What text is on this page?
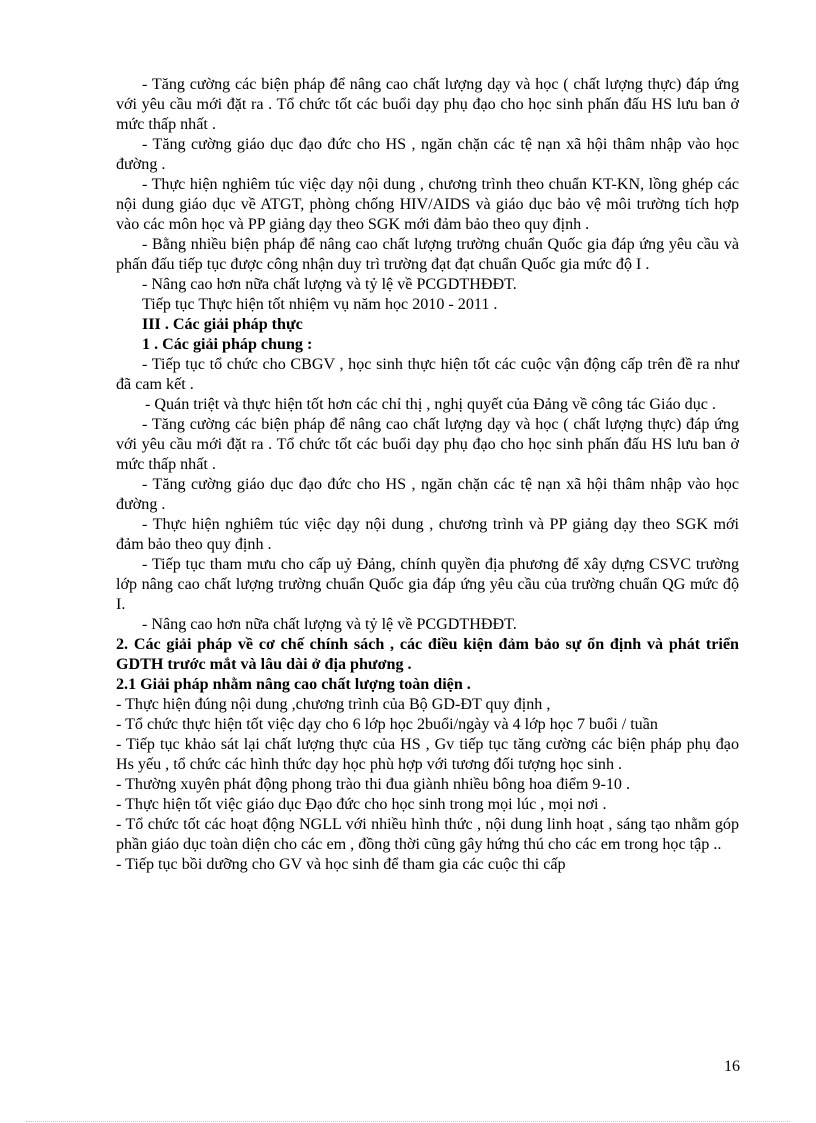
- Tăng cường các biện pháp để nâng cao chất lượng dạy và học ( chất lượng thực) đáp ứng với yêu cầu mới đặt ra . Tổ chức tốt các buổi dạy phụ đạo cho học sinh phấn đấu HS lưu ban ở mức thấp nhất .

- Tăng cường giáo dục đạo đức cho HS , ngăn chặn các tệ nạn xã hội thâm nhập vào học đường .

- Thực hiện nghiêm túc việc dạy nội dung , chương trình theo chuẩn KT-KN, lồng ghép các nội dung giáo dục về ATGT, phòng chống HIV/AIDS và giáo dục bảo vệ môi trường tích hợp vào các môn học và PP giảng dạy theo SGK mới đảm bảo theo quy định .

- Bằng nhiều biện pháp để nâng cao chất lượng trường chuẩn Quốc gia đáp ứng yêu cầu và phấn đấu tiếp tục được công nhận duy trì trường đạt đạt chuẩn Quốc gia mức độ I .

- Nâng cao hơn nữa chất lượng và tỷ lệ về PCGDTHĐĐT.

Tiếp tục Thực hiện tốt nhiệm vụ năm học 2010 - 2011 .

III . Các giải pháp thực

1 . Các giải pháp chung :

- Tiếp tục tổ chức cho CBGV , học sinh thực hiện tốt các cuộc vận động cấp trên đề ra như đã cam kết .

- Quán triệt và thực hiện tốt hơn các chỉ thị , nghị quyết của Đảng về công tác Giáo dục .

- Tăng cường các biện pháp để nâng cao chất lượng dạy và học ( chất lượng thực) đáp ứng với yêu cầu mới đặt ra . Tổ chức tốt các buổi dạy phụ đạo cho học sinh phấn đấu HS lưu ban ở mức thấp nhất .

- Tăng cường giáo dục đạo đức cho HS , ngăn chặn các tệ nạn xã hội thâm nhập vào học đường .

- Thực hiện nghiêm túc việc dạy nội dung , chương trình và PP giảng dạy theo SGK mới đảm bảo theo quy định .

- Tiếp tục tham mưu cho cấp uỷ Đảng, chính quyền địa phương để xây dựng CSVC trường lớp nâng cao chất lượng trường chuẩn Quốc gia đáp ứng yêu cầu của trường chuẩn QG mức độ I.

- Nâng cao hơn nữa chất lượng và tỷ lệ về PCGDTHĐĐT.

2. Các giải pháp về cơ chế chính sách , các điều kiện đảm bảo sự ổn định và phát triển GDTH trước mắt và lâu dài ở địa phương .

2.1 Giải pháp nhằm nâng cao chất lượng toàn diện .

- Thực hiện đúng nội dung ,chương trình của Bộ GD-ĐT quy định ,

- Tổ chức thực hiện tốt việc dạy cho 6 lớp học 2buổi/ngày và 4 lớp học 7 buổi / tuần

- Tiếp tục khảo sát lại chất lượng thực của HS , Gv tiếp tục tăng cường các biện pháp phụ đạo Hs yếu , tổ chức các hình thức dạy học phù hợp với tương đối tượng học sinh .

- Thường xuyên phát động phong trào thi đua giành nhiều bông hoa điểm 9-10 .

- Thực hiện tốt việc giáo dục Đạo đức cho học sinh trong mọi lúc , mọi nơi .

- Tổ chức tốt các hoạt động NGLL với nhiều hình thức , nội dung linh hoạt , sáng tạo nhằm góp phần giáo dục toàn diện cho các em , đồng thời cũng gây hứng thú cho các em trong học tập ..

- Tiếp tục bồi dưỡng cho GV và học sinh để tham gia các cuộc thi cấp

16
